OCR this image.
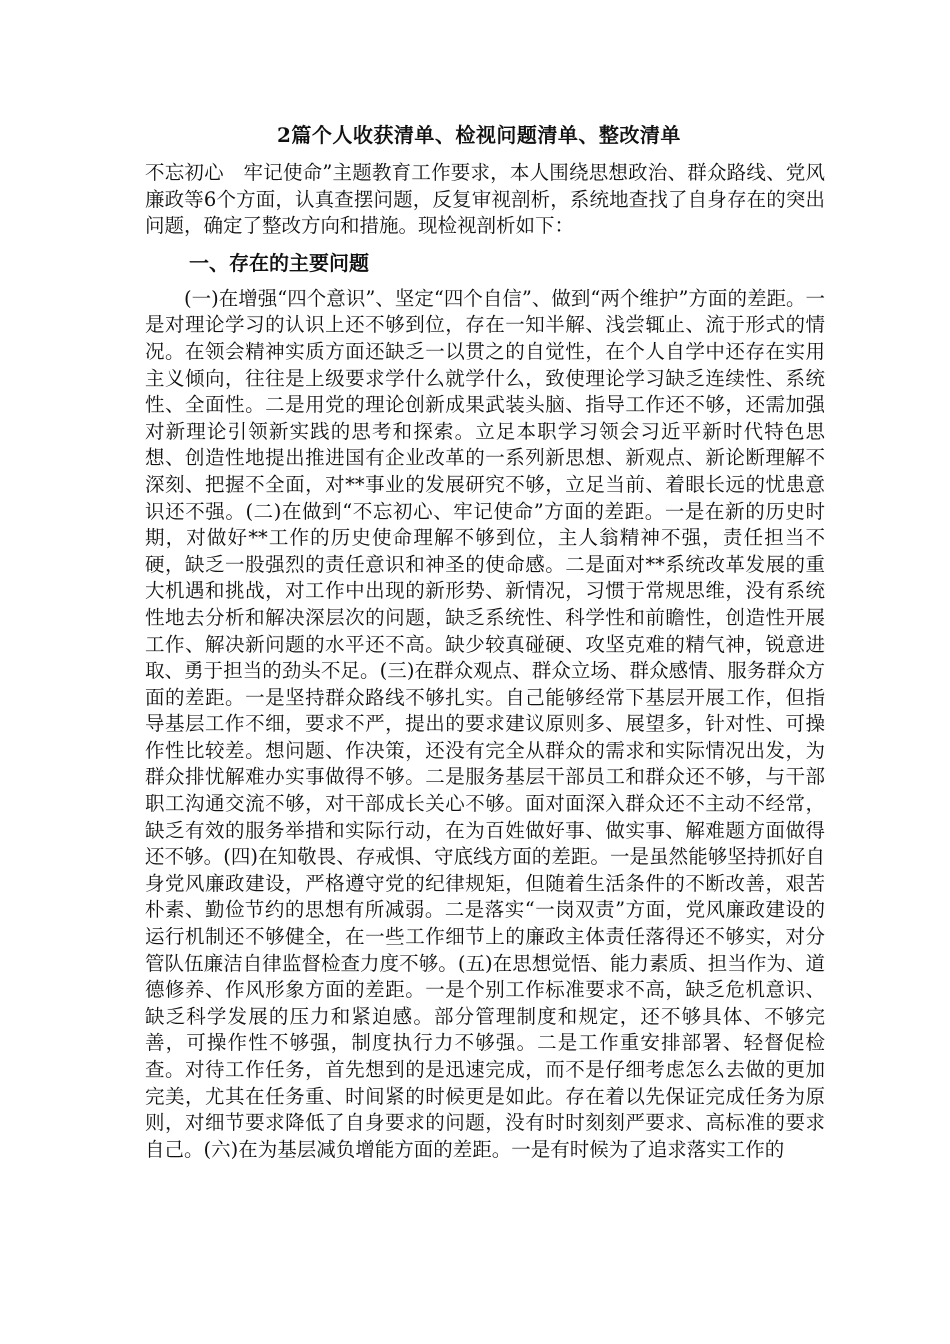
2篇个人收获清单、检视问题清单、整改清单

不忘初心　牢记使命”主题教育工作要求，本人围绕思想政治、群众路线、党风廉政等6个方面，认真查摆问题，反复审视剖析，系统地查找了自身存在的突出问题，确定了整改方向和措施。现检视剖析如下：

一、存在的主要问题

(一)在增强“四个意识”、坚定“四个自信”、做到“两个维护”方面的差距。一是对理论学习的认识上还不够到位，存在一知半解、浅尝辄止、流于形式的情况。在领会精神实质方面还缺乏一以贯之的自觉性，在个人自学中还存在实用主义倾向，往往是上级要求学什么就学什么，致使理论学习缺乏连续性、系统性、全面性。二是用党的理论创新成果武装头脑、指导工作还不够，还需加强对新理论引领新实践的思考和探索。立足本职学习领会习近平新时代特色思想、创造性地提出推进国有企业改革的一系列新思想、新观点、新论断理解不深刻、把握不全面，对**事业的发展研究不够，立足当前、着眼长远的忧患意识还不强。(二)在做到“不忘初心、牢记使命”方面的差距。一是在新的历史时期，对做好**工作的历史使命理解不够到位，主人翁精神不强，责任担当不硬，缺乏一股强烈的责任意识和神圣的使命感。二是面对**系统改革发展的重大机遇和挑战，对工作中出现的新形势、新情况，习惯于常规思维，没有系统性地去分析和解决深层次的问题，缺乏系统性、科学性和前瞻性，创造性开展工作、解决新问题的水平还不高。缺少较真碰硬、攻坚克难的精气神，锐意进取、勇于担当的劲头不足。(三)在群众观点、群众立场、群众感情、服务群众方面的差距。一是坚持群众路线不够扎实。自己能够经常下基层开展工作，但指导基层工作不细，要求不严，提出的要求建议原则多、展望多，针对性、可操作性比较差。想问题、作决策，还没有完全从群众的需求和实际情况出发，为群众排忧解难办实事做得不够。二是服务基层干部员工和群众还不够，与干部职工沟通交流不够，对干部成长关心不够。面对面深入群众还不主动不经常，缺乏有效的服务举措和实际行动，在为百姓做好事、做实事、解难题方面做得还不够。(四)在知敬畏、存戒惧、守底线方面的差距。一是虽然能够坚持抓好自身党风廉政建设，严格遵守党的纪律规矩，但随着生活条件的不断改善，艰苦朴素、勤俭节约的思想有所减弱。二是落实“一岗双责”方面，党风廉政建设的运行机制还不够健全，在一些工作细节上的廉政主体责任落得还不够实，对分管队伍廉洁自律监督检查力度不够。(五)在思想觉悟、能力素质、担当作为、道德修养、作风形象方面的差距。一是个别工作标准要求不高，缺乏危机意识、缺乏科学发展的压力和紧迫感。部分管理制度和规定，还不够具体、不够完善，可操作性不够强，制度执行力不够强。二是工作重安排部署、轻督促检查。对待工作任务，首先想到的是迅速完成，而不是仔细考虑怎么去做的更加完美，尤其在任务重、时间紧的时候更是如此。存在着以先保证完成任务为原则，对细节要求降低了自身要求的问题，没有时时刻刻严要求、高标准的要求自己。(六)在为基层减负增能方面的差距。一是有时候为了追求落实工作的
